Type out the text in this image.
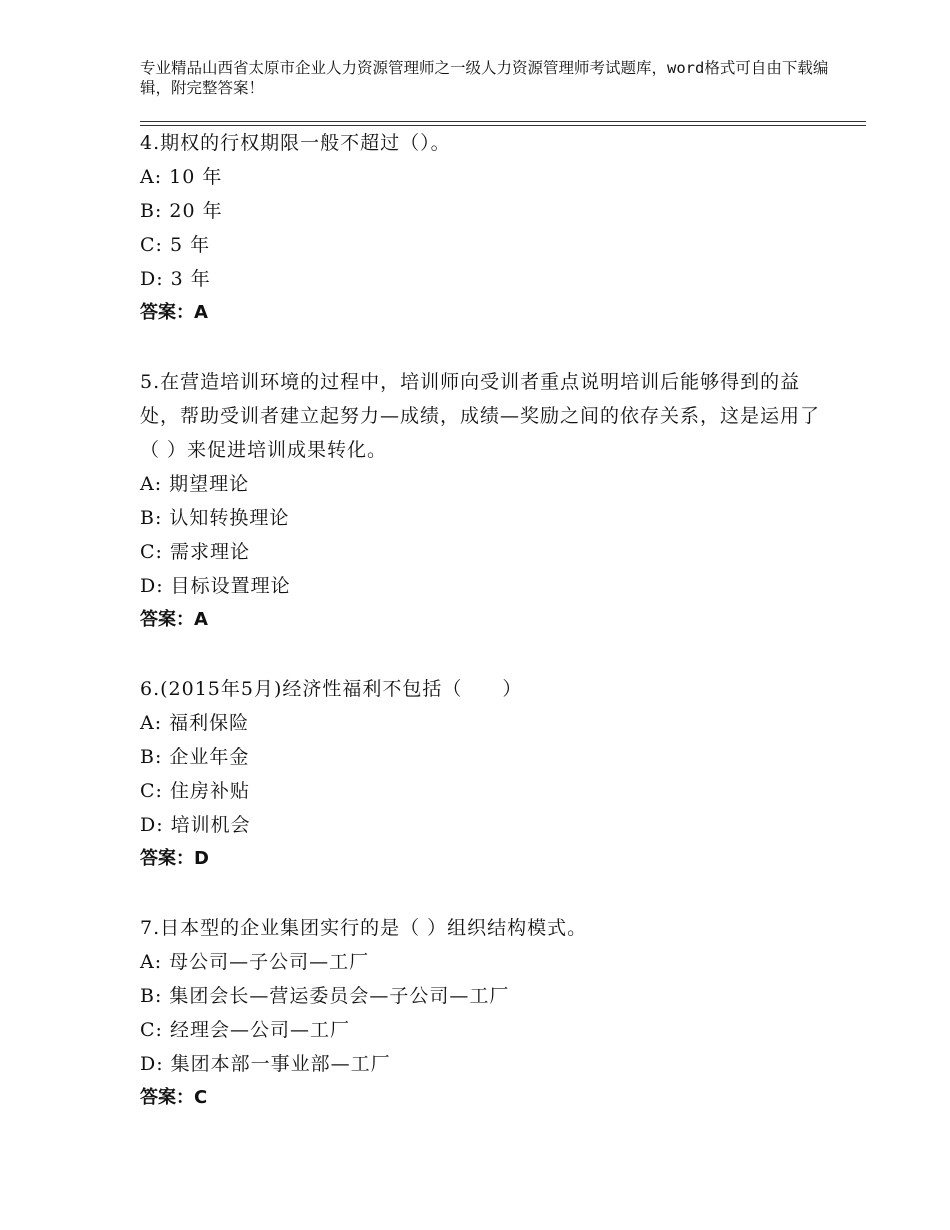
专业精品山西省太原市企业人力资源管理师之一级人力资源管理师考试题库，word格式可自由下载编辑，附完整答案！
4.期权的行权期限一般不超过（）。
A: 10 年
B: 20 年
C: 5 年
D: 3 年
答案：A
5.在营造培训环境的过程中，培训师向受训者重点说明培训后能够得到的益处，帮助受训者建立起努力—成绩，成绩—奖励之间的依存关系，这是运用了（ ）来促进培训成果转化。
A: 期望理论
B: 认知转换理论
C: 需求理论
D: 目标设置理论
答案：A
6.(2015年5月)经济性福利不包括（　　）
A: 福利保险
B: 企业年金
C: 住房补贴
D: 培训机会
答案：D
7.日本型的企业集团实行的是（ ）组织结构模式。
A: 母公司—子公司—工厂
B: 集团会长—营运委员会—子公司—工厂
C: 经理会—公司—工厂
D: 集团本部一事业部—工厂
答案：C
